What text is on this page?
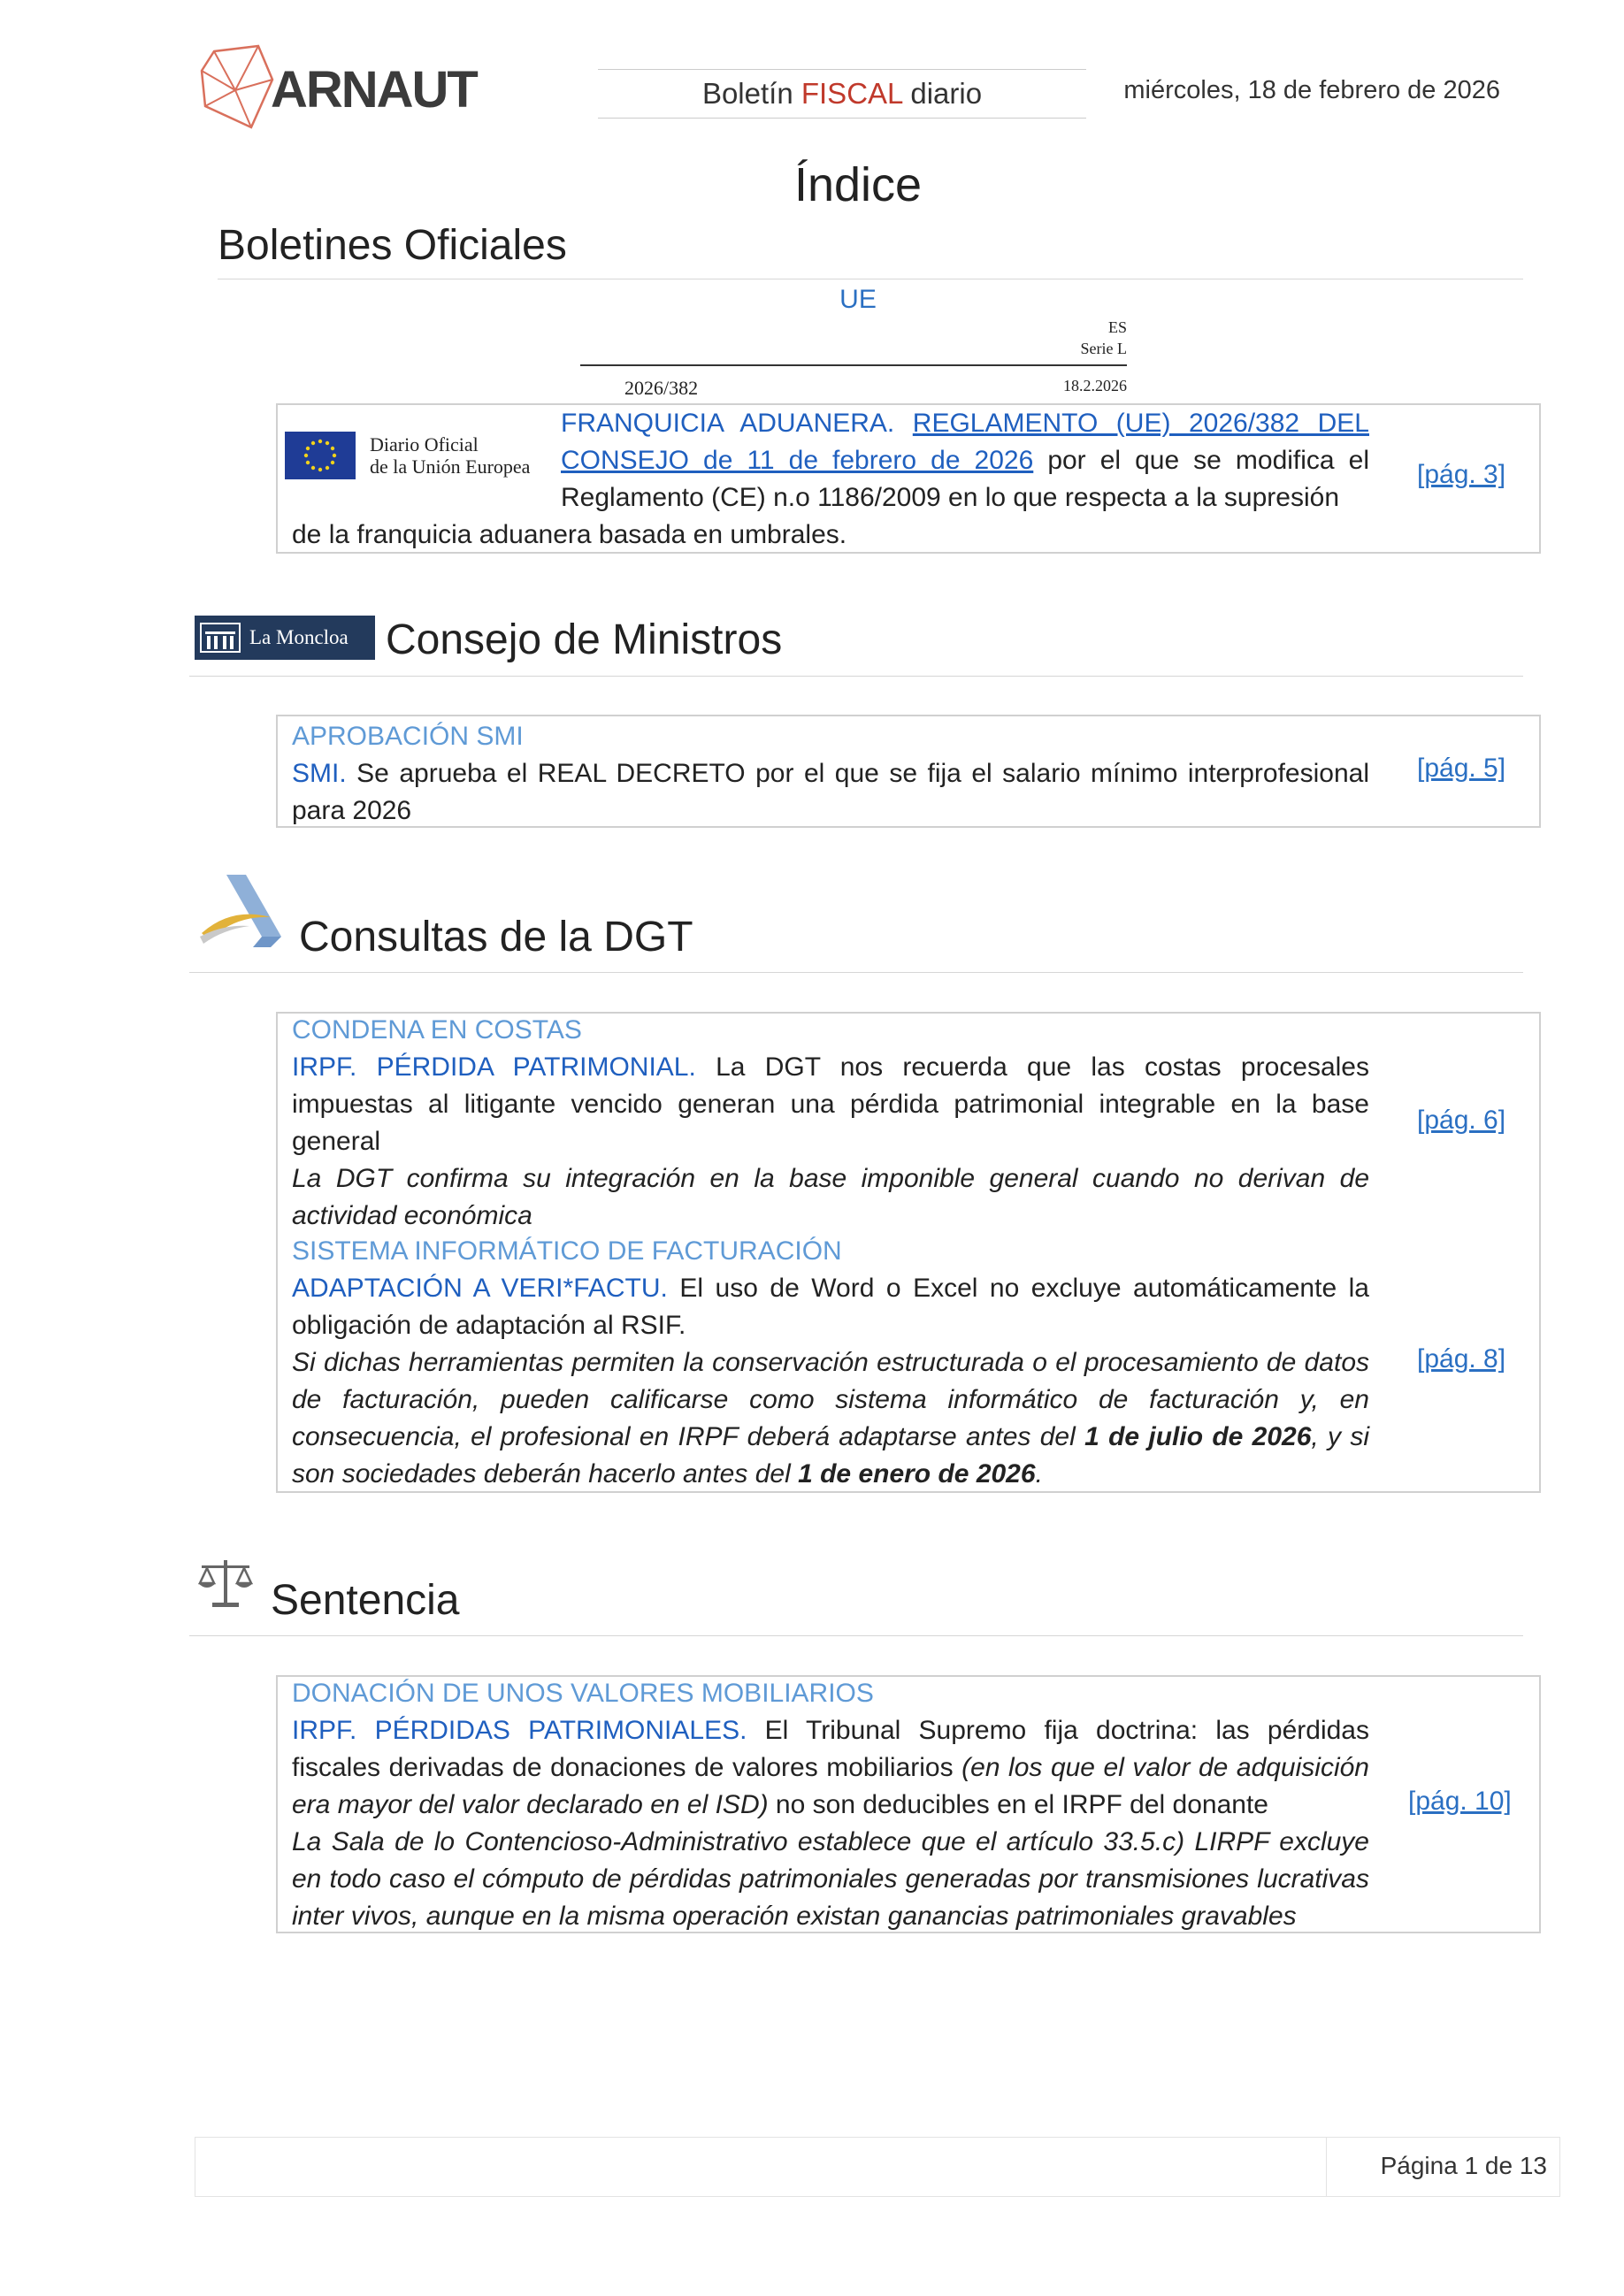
ARNAUT	Boletín FISCAL diario	miércoles, 18 de febrero de 2026
Índice
Boletines Oficiales
UE
ES
Serie L
2026/382	18.2.2026
Diario Oficial
de la Unión Europea
FRANQUICIA ADUANERA. REGLAMENTO (UE) 2026/382 DEL CONSEJO de 11 de febrero de 2026 por el que se modifica el Reglamento (CE) n.o 1186/2009 en lo que respecta a la supresión
de la franquicia aduanera basada en umbrales.
[pág. 3]
La Moncloa Consejo de Ministros
APROBACIÓN SMI
SMI. Se aprueba el REAL DECRETO por el que se fija el salario mínimo interprofesional para 2026
[pág. 5]
Consultas de la DGT
CONDENA EN COSTAS
IRPF. PÉRDIDA PATRIMONIAL. La DGT nos recuerda que las costas procesales impuestas al litigante vencido generan una pérdida patrimonial integrable en la base general
La DGT confirma su integración en la base imponible general cuando no derivan de actividad económica
[pág. 6]
SISTEMA INFORMÁTICO DE FACTURACIÓN
ADAPTACIÓN A VERI*FACTU. El uso de Word o Excel no excluye automáticamente la obligación de adaptación al RSIF.
Si dichas herramientas permiten la conservación estructurada o el procesamiento de datos de facturación, pueden calificarse como sistema informático de facturación y, en consecuencia, el profesional en IRPF deberá adaptarse antes del 1 de julio de 2026, y si son sociedades deberán hacerlo antes del 1 de enero de 2026.
[pág. 8]
Sentencia
DONACIÓN DE UNOS VALORES MOBILIARIOS
IRPF. PÉRDIDAS PATRIMONIALES. El Tribunal Supremo fija doctrina: las pérdidas fiscales derivadas de donaciones de valores mobiliarios (en los que el valor de adquisición era mayor del valor declarado en el ISD) no son deducibles en el IRPF del donante
La Sala de lo Contencioso-Administrativo establece que el artículo 33.5.c) LIRPF excluye en todo caso el cómputo de pérdidas patrimoniales generadas por transmisiones lucrativas inter vivos, aunque en la misma operación existan ganancias patrimoniales gravables
[pág. 10]
Página 1 de 13
